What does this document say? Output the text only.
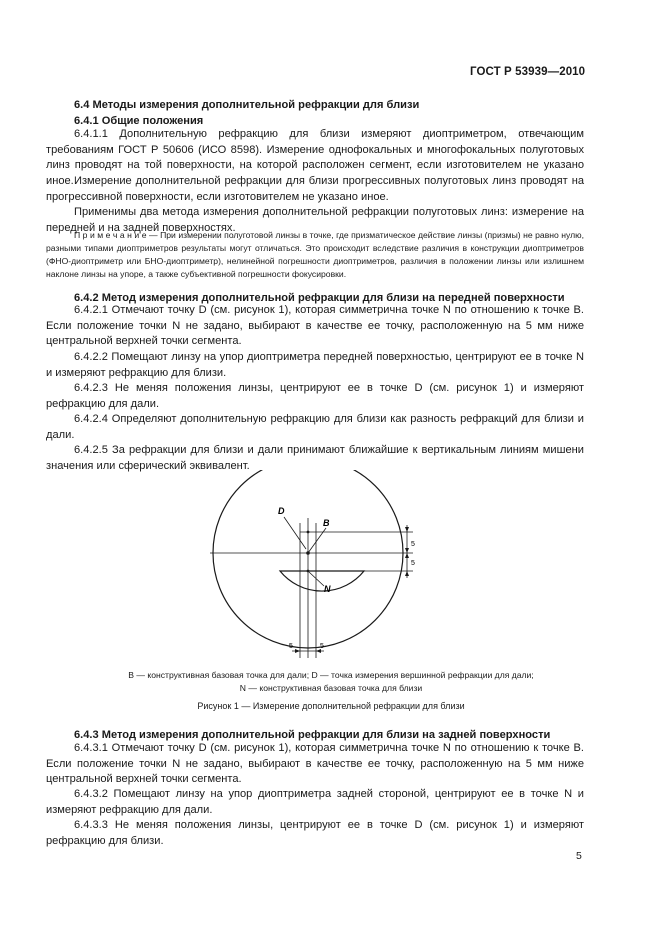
ГОСТ Р 53939—2010

6.4 Методы измерения дополнительной рефракции для близи

6.4.1 Общие положения

6.4.1.1 Дополнительную рефракцию для близи измеряют диоптриметром, отвечающим требованиям ГОСТ Р 50606 (ИСО 8598). Измерение однофокальных и многофокальных полуготовых линз проводят на той поверхности, на которой расположен сегмент, если изготовителем не указано иное. Измерение дополнительной рефракции для близи прогрессивных полуготовых линз проводят на прогрессивной поверхности, если изготовителем не указано иное.

Применимы два метода измерения дополнительной рефракции полуготовых линз: измерение на передней и на задней поверхностях.

П р и м е ч а н и е — При измерении полуготовой линзы в точке, где призматическое действие линзы (призмы) не равно нулю, разными типами диоптриметров результаты могут отличаться. Это происходит вследствие различия в конструкции диоптриметров (ФНО-диоптриметр или БНО-диоптриметр), нелинейной погрешности диоптриметров, различия в положении линзы или излишнем наклоне линзы на упоре, а также субъективной погрешности фокусировки.

6.4.2 Метод измерения дополнительной рефракции для близи на передней поверхности

6.4.2.1 Отмечают точку D (см. рисунок 1), которая симметрична точке N по отношению к точке B. Если положение точки N не задано, выбирают в качестве ее точку, расположенную на 5 мм ниже центральной верхней точки сегмента.

6.4.2.2 Помещают линзу на упор диоптриметра передней поверхностью, центрируют ее в точке N и измеряют рефракцию для близи.

6.4.2.3 Не меняя положения линзы, центрируют ее в точке D (см. рисунок 1) и измеряют рефракцию для дали.

6.4.2.4 Определяют дополнительную рефракцию для близи как разность рефракций для близи и дали.

6.4.2.5 За рефракции для близи и дали принимают ближайшие к вертикальным линиям мишени значения или сферический эквивалент.

D
B
N
5
5
5	5

B — конструктивная базовая точка для дали; D — точка измерения вершинной рефракции для дали;

N — конструктивная базовая точка для близи

Рисунок 1 — Измерение дополнительной рефракции для близи

6.4.3 Метод измерения дополнительной рефракции для близи на задней поверхности

6.4.3.1 Отмечают точку D (см. рисунок 1), которая симметрична точке N по отношению к точке B. Если положение точки N не задано, выбирают в качестве ее точку, расположенную на 5 мм ниже центральной верхней точки сегмента.

6.4.3.2 Помещают линзу на упор диоптриметра задней стороной, центрируют ее в точке N и измеряют рефракцию для дали.

6.4.3.3 Не меняя положения линзы, центрируют ее в точке D (см. рисунок 1) и измеряют рефракцию для близи.

5
